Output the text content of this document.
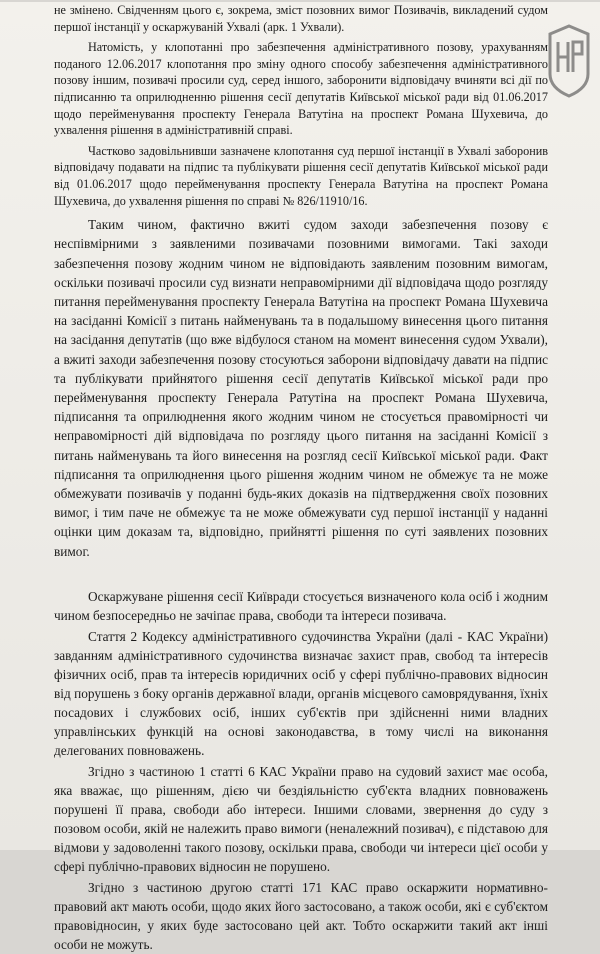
не змінено. Свідченням цього є, зокрема, зміст позовних вимог Позивачів, викладений судом першої інстанції у оскаржуваній Ухвалі (арк. 1 Ухвали).

Натомість, у клопотанні про забезпечення адміністративного позову, урахуванням поданого 12.06.2017 клопотання про зміну одного способу забезпечення адміністративного позову іншим, позивачі просили суд, серед іншого, заборонити відповідачу вчиняти всі дії по підписанню та оприлюдненню рішення сесії депутатів Київської міської ради від 01.06.2017 щодо перейменування проспекту Генерала Ватутіна на проспект Романа Шухевича, до ухвалення рішення в адміністративній справі.

Частково задовільнивши зазначене клопотання суд першої інстанції в Ухвалі заборонив відповідачу подавати на підпис та публікувати рішення сесії депутатів Київської міської ради від 01.06.2017 щодо перейменування проспекту Генерала Ватутіна на проспект Романа Шухевича, до ухвалення рішення по справі № 826/11910/16.

Таким чином, фактично вжиті судом заходи забезпечення позову є неспівмірними з заявленими позивачами позовними вимогами. Такі заходи забезпечення позову жодним чином не відповідають заявленим позовним вимогам, оскільки позивачі просили суд визнати неправомірними дії відповідача щодо розгляду питання перейменування проспекту Генерала Ватутіна на проспект Романа Шухевича на засіданні Комісії з питань найменувань та в подальшому винесення цього питання на засідання депутатів (що вже відбулося станом на момент винесення судом Ухвали), а вжиті заходи забезпечення позову стосуються заборони відповідачу давати на підпис та публікувати прийнятого рішення сесії депутатів Київської міської ради про перейменування проспекту Генерала Ратутіна на проспект Романа Шухевича, підписання та оприлюднення якого жодним чином не стосується правомірності чи неправомірності дій відповідача по розгляду цього питання на засіданні Комісії з питань найменувань та його винесення на розгляд сесії Київської міської ради. Факт підписання та оприлюднення цього рішення жодним чином не обмежує та не може обмежувати позивачів у поданні будь-яких доказів на підтвердження своїх позовних вимог, і тим паче не обмежує та не може обмежувати суд першої інстанції у наданні оцінки цим доказам та, відповідно, прийнятті рішення по суті заявлених позовних вимог.

Оскаржуване рішення сесії Київради стосується визначеного кола осіб і жодним чином безпосередньо не зачіпає права, свободи та інтереси позивача.

Стаття 2 Кодексу адміністративного судочинства України (далі - КАС України) завданням адміністративного судочинства визначає захист прав, свобод та інтересів фізичних осіб, прав та інтересів юридичних осіб у сфері публічно-правових відносин від порушень з боку органів державної влади, органів місцевого самоврядування, їхніх посадових і службових осіб, інших суб'єктів при здійсненні ними владних управлінських функцій на основі законодавства, в тому числі на виконання делегованих повноважень.

Згідно з частиною 1 статті 6 КАС України право на судовий захист має особа, яка вважає, що рішенням, дією чи бездіяльністю суб'єкта владних повноважень порушені її права, свободи або інтереси. Іншими словами, звернення до суду з позовом особи, якій не належить право вимоги (неналежний позивач), є підставою для відмови у задоволенні такого позову, оскільки права, свободи чи інтереси цієї особи у сфері публічно-правових відносин не порушено.

Згідно з частиною другою статті 171 КАС право оскаржити нормативно-правовий акт мають особи, щодо яких його застосовано, а також особи, які є суб'єктом правовідносин, у яких буде застосовано цей акт. Тобто оскаржити такий акт інші особи не можуть.
